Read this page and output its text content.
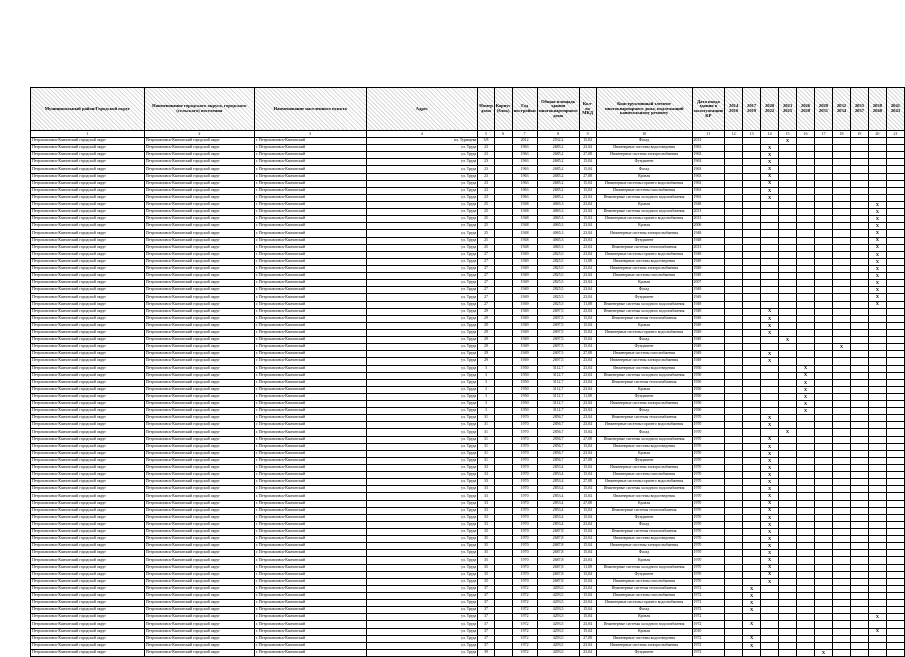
Муниципальный район/Городской округ	Наименование городского округа, городского (сельского) поселения	Наименование населенного пункта	Адрес	Номер дома	Корпус (блок)	Год постройки	Общая площадь здания многоквартирного дома	Кол-во МКД	Конструктивный элемент многоквартирного дома, подлежащий капитальному ремонту	Дата ввода здания в эксплуатацию КР	2014 2016	2017 2019	2020 2022	2023 2025	2026 2028	2029 2031	2032 2034	2035 2037	2038 2040	2041 2043
1	2	3	4	5	6	7	8	9	10	11	12	13	14	15	16	17	18	19	20	21
Петропавловск-Камчатский городской округ	Петропавловск-Камчатский городской округ	г. Петропавловск-Камчатский	пл. Турищева	3/8		2012	2532,2	15,04	Фасад	2012				X						
Петропавловск-Камчатский городской округ	Петропавловск-Камчатский городской округ	г. Петропавловск-Камчатский	ул. Труда	23		1963	2685,2	23,04	Инженерные системы водоотведения	1963			X							
Петропавловск-Камчатский городской округ	Петропавловск-Камчатский городской округ	г. Петропавловск-Камчатский	ул. Труда	23		1963	2685,2	27,08	Инженерные системы электроснабжения	1963			X							
Петропавловск-Камчатский городской округ	Петропавловск-Камчатский городской округ	г. Петропавловск-Камчатский	ул. Труда	23		1963	2685,2	15,04	Фундамент	1963			X							
Петропавловск-Камчатский городской округ	Петропавловск-Камчатский городской округ	г. Петропавловск-Камчатский	ул. Труда	23		1963	2685,2	15,04	Фасад	1963			X							
Петропавловск-Камчатский городской округ	Петропавловск-Камчатский городской округ	г. Петропавловск-Камчатский	ул. Труда	23		1963	2685,2	27,08	Кровля	1963			X							
Петропавловск-Камчатский городской округ	Петропавловск-Камчатский городской округ	г. Петропавловск-Камчатский	ул. Труда	23		1963	2685,2	15,04	Инженерные системы горячего водоснабжения	1963			X							
Петропавловск-Камчатский городской округ	Петропавловск-Камчатский городской округ	г. Петропавловск-Камчатский	ул. Труда	23		1963	2685,2	15,04	Инженерные системы газоснабжения	1963			X							
Петропавловск-Камчатский городской округ	Петропавловск-Камчатский городской округ	г. Петропавловск-Камчатский	ул. Труда	23		1963	2685,2	23,04	Инженерные системы холодного водоснабжения	1963			X							
Петропавловск-Камчатский городской округ	Петропавловск-Камчатский городской округ	г. Петропавловск-Камчатский	ул. Труда	25		1948	4065,3	23,04	Кровля	1948									X	
Петропавловск-Камчатский городской округ	Петропавловск-Камчатский городской округ	г. Петропавловск-Камчатский	ул. Труда	25		1948	4065,3	23,04	Инженерные системы холодного водоснабжения	2013									X	
Петропавловск-Камчатский городской округ	Петропавловск-Камчатский городской округ	г. Петропавловск-Камчатский	ул. Труда	25		1948	4065,3	15,04	Инженерные системы горячего водоснабжения	2013									X	
Петропавловск-Камчатский городской округ	Петропавловск-Камчатский городской округ	г. Петропавловск-Камчатский	ул. Труда	25		1948	4065,3	23,04	Кровля	2006									X	
Петропавловск-Камчатский городской округ	Петропавловск-Камчатский городской округ	г. Петропавловск-Камчатский	ул. Труда	25		1948	4065,3	23,04	Инженерные системы электроснабжения	1948									X	
Петропавловск-Камчатский городской округ	Петропавловск-Камчатский городской округ	г. Петропавловск-Камчатский	ул. Труда	25		1948	4065,3	23,04	Фундамент	1948									X	
Петропавловск-Камчатский городской округ	Петропавловск-Камчатский городской округ	г. Петропавловск-Камчатский	ул. Труда	25		1948	4065,3	23,04	Инженерные системы теплоснабжения	2013									X	
Петропавловск-Камчатский городской округ	Петропавловск-Камчатский городской округ	г. Петропавловск-Камчатский	ул. Труда	27		1949	2825,5	23,04	Инженерные системы горячего водоснабжения	1949									X	
Петропавловск-Камчатский городской округ	Петропавловск-Камчатский городской округ	г. Петропавловск-Камчатский	ул. Труда	27		1949	2825,5	11,08	Инженерные системы водоотведения	1949									X	
Петропавловск-Камчатский городской округ	Петропавловск-Камчатский городской округ	г. Петропавловск-Камчатский	ул. Труда	27		1949	2825,5	23,04	Инженерные системы электроснабжения	1949									X	
Петропавловск-Камчатский городской округ	Петропавловск-Камчатский городской округ	г. Петропавловск-Камчатский	ул. Труда	27		1949	2825,5	23,04	Инженерные системы газоснабжения	1949									X	
Петропавловск-Камчатский городской округ	Петропавловск-Камчатский городской округ	г. Петропавловск-Камчатский	ул. Труда	27		1949	2825,5	23,04	Кровля	2007									X	
Петропавловск-Камчатский городской округ	Петропавловск-Камчатский городской округ	г. Петропавловск-Камчатский	ул. Труда	27		1949	2825,5	23,04	Фасад	1949									X	
Петропавловск-Камчатский городской округ	Петропавловск-Камчатский городской округ	г. Петропавловск-Камчатский	ул. Труда	27		1949	2825,5	23,04	Фундамент	1949									X	
Петропавловск-Камчатский городской округ	Петропавловск-Камчатский городской округ	г. Петропавловск-Камчатский	ул. Труда	27		1949	2825,5	11,08	Инженерные системы холодного водоснабжения	1949									X	
Петропавловск-Камчатский городской округ	Петропавловск-Камчатский городской округ	г. Петропавловск-Камчатский	ул. Труда	29		1949	2697,5	23,04	Инженерные системы холодного водоснабжения	1949			X							
Петропавловск-Камчатский городской округ	Петропавловск-Камчатский городской округ	г. Петропавловск-Камчатский	ул. Труда	29		1949	2697,5	15,04	Инженерные системы теплоснабжения	1949			X							
Петропавловск-Камчатский городской округ	Петропавловск-Камчатский городской округ	г. Петропавловск-Камчатский	ул. Труда	29		1949	2697,5	15,04	Кровля	1949			X							
Петропавловск-Камчатский городской округ	Петропавловск-Камчатский городской округ	г. Петропавловск-Камчатский	ул. Труда	29		1949	2697,5	15,04	Инженерные системы горячего водоснабжения	1949			X							
Петропавловск-Камчатский городской округ	Петропавловск-Камчатский городской округ	г. Петропавловск-Камчатский	ул. Труда	29		1949	2697,5	15,04	Фасад	1949				X						
Петропавловск-Камчатский городской округ	Петропавловск-Камчатский городской округ	г. Петропавловск-Камчатский	ул. Труда	29		1949	2697,5	15,04	Фундамент	1949							X			
Петропавловск-Камчатский городской округ	Петропавловск-Камчатский городской округ	г. Петропавловск-Камчатский	ул. Труда	29		1949	2697,5	27,08	Инженерные системы газоснабжения	1949			X							
Петропавловск-Камчатский городской округ	Петропавловск-Камчатский городской округ	г. Петропавловск-Камчатский	ул. Труда	29		1949	2697,5	23,04	Инженерные системы электроснабжения	1949			X							
Петропавловск-Камчатский городской округ	Петропавловск-Камчатский городской округ	г. Петропавловск-Камчатский	ул. Труда	3		1950	3112,7	23,04	Инженерные системы водоотведения	1950					X					
Петропавловск-Камчатский городской округ	Петропавловск-Камчатский городской округ	г. Петропавловск-Камчатский	ул. Труда	3		1950	3112,7	23,04	Инженерные системы холодного водоснабжения	1950					X					
Петропавловск-Камчатский городской округ	Петропавловск-Камчатский городской округ	г. Петропавловск-Камчатский	ул. Труда	3		1950	3112,7	23,04	Инженерные системы теплоснабжения	1950					X					
Петропавловск-Камчатский городской округ	Петропавловск-Камчатский городской округ	г. Петропавловск-Камчатский	ул. Труда	3		1950	3112,7	23,04	Кровля	1950					X					
Петропавловск-Камчатский городской округ	Петропавловск-Камчатский городской округ	г. Петропавловск-Камчатский	ул. Труда	3		1950	3112,7	11,08	Фундамент	1950					X					
Петропавловск-Камчатский городской округ	Петропавловск-Камчатский городской округ	г. Петропавловск-Камчатский	ул. Труда	3		1950	3112,7	23,04	Инженерные системы электроснабжения	1950					X					
Петропавловск-Камчатский городской округ	Петропавловск-Камчатский городской округ	г. Петропавловск-Камчатский	ул. Труда	3		1950	3112,7	23,04	Фасад	1950					X					
Петропавловск-Камчатский городской округ	Петропавловск-Камчатский городской округ	г. Петропавловск-Камчатский	ул. Труда	31		1970	2856,7	23,04	Инженерные системы теплоснабжения	1970			X							
Петропавловск-Камчатский городской округ	Петропавловск-Камчатский городской округ	г. Петропавловск-Камчатский	ул. Труда	31		1970	2856,7	23,04	Инженерные системы горячего водоснабжения	1970			X							
Петропавловск-Камчатский городской округ	Петропавловск-Камчатский городской округ	г. Петропавловск-Камчатский	ул. Труда	31		1970	2856,7	15,04	Фасад	1970				X						
Петропавловск-Камчатский городской округ	Петропавловск-Камчатский городской округ	г. Петропавловск-Камчатский	ул. Труда	31		1970	2856,7	27,08	Инженерные системы холодного водоснабжения	1970			X							
Петропавловск-Камчатский городской округ	Петропавловск-Камчатский городской округ	г. Петропавловск-Камчатский	ул. Труда	31		1970	2856,7	15,04	Инженерные системы водоотведения	1970			X							
Петропавловск-Камчатский городской округ	Петропавловск-Камчатский городской округ	г. Петропавловск-Камчатский	ул. Труда	31		1970	2856,7	23,04	Кровля	1970			X							
Петропавловск-Камчатский городской округ	Петропавловск-Камчатский городской округ	г. Петропавловск-Камчатский	ул. Труда	31		1970	2856,7	27,08	Фундамент	1970			X							
Петропавловск-Камчатский городской округ	Петропавловск-Камчатский городской округ	г. Петропавловск-Камчатский	ул. Труда	33		1970	2853,4	15,04	Инженерные системы электроснабжения	1970			X							
Петропавловск-Камчатский городской округ	Петропавловск-Камчатский городской округ	г. Петропавловск-Камчатский	ул. Труда	33		1970	2853,4	15,04	Инженерные системы газоснабжения	1970			X							
Петропавловск-Камчатский городской округ	Петропавловск-Камчатский городской округ	г. Петропавловск-Камчатский	ул. Труда	33		1970	2853,4	27,08	Инженерные системы горячего водоснабжения	1970			X							
Петропавловск-Камчатский городской округ	Петропавловск-Камчатский городской округ	г. Петропавловск-Камчатский	ул. Труда	33		1970	2853,4	15,04	Инженерные системы холодного водоснабжения	1970			X							
Петропавловск-Камчатский городской округ	Петропавловск-Камчатский городской округ	г. Петропавловск-Камчатский	ул. Труда	33		1970	2853,4	15,04	Инженерные системы водоотведения	1970			X							
Петропавловск-Камчатский городской округ	Петропавловск-Камчатский городской округ	г. Петропавловск-Камчатский	ул. Труда	33		1970	2853,4	27,08	Кровля	1970			X							
Петропавловск-Камчатский городской округ	Петропавловск-Камчатский городской округ	г. Петропавловск-Камчатский	ул. Труда	33		1970	2853,4	15,04	Инженерные системы теплоснабжения	1970			X							
Петропавловск-Камчатский городской округ	Петропавловск-Камчатский городской округ	г. Петропавловск-Камчатский	ул. Труда	33		1970	2853,4	15,04	Фундамент	1970			X							
Петропавловск-Камчатский городской округ	Петропавловск-Камчатский городской округ	г. Петропавловск-Камчатский	ул. Труда	33		1970	2853,4	23,04	Фасад	1970			X							
Петропавловск-Камчатский городской округ	Петропавловск-Камчатский городской округ	г. Петропавловск-Камчатский	ул. Труда	35		1970	2687,8	15,04	Инженерные системы теплоснабжения	1970			X							
Петропавловск-Камчатский городской округ	Петропавловск-Камчатский городской округ	г. Петропавловск-Камчатский	ул. Труда	35		1970	2687,8	23,04	Инженерные системы водоотведения	1970			X							
Петропавловск-Камчатский городской округ	Петропавловск-Камчатский городской округ	г. Петропавловск-Камчатский	ул. Труда	35		1970	2687,8	15,04	Инженерные системы электроснабжения	1970			X							
Петропавловск-Камчатский городской округ	Петропавловск-Камчатский городской округ	г. Петропавловск-Камчатский	ул. Труда	35		1970	2687,8	15,04	Фасад	1970			X							
Петропавловск-Камчатский городской округ	Петропавловск-Камчатский городской округ	г. Петропавловск-Камчатский	ул. Труда	35		1970	2687,8	23,04	Кровля	1970			X							
Петропавловск-Камчатский городской округ	Петропавловск-Камчатский городской округ	г. Петропавловск-Камчатский	ул. Труда	35		1970	2687,8	11,08	Инженерные системы холодного водоснабжения	1970			X							
Петропавловск-Камчатский городской округ	Петропавловск-Камчатский городской округ	г. Петропавловск-Камчатский	ул. Труда	35		1970	2687,8	15,04	Фундамент	1970			X							
Петропавловск-Камчатский городской округ	Петропавловск-Камчатский городской округ	г. Петропавловск-Камчатский	ул. Труда	35		1970	2687,8	15,04	Инженерные системы газоснабжения	1970			X							
Петропавловск-Камчатский городской округ	Петропавловск-Камчатский городской округ	г. Петропавловск-Камчатский	ул. Труда	37		1972	4293,5	23,04	Инженерные системы теплоснабжения	1972		X								
Петропавловск-Камчатский городской округ	Петропавловск-Камчатский городской округ	г. Петропавловск-Камчатский	ул. Труда	37		1972	4293,5	15,04	Инженерные системы газоснабжения	1972		X								
Петропавловск-Камчатский городской округ	Петропавловск-Камчатский городской округ	г. Петропавловск-Камчатский	ул. Труда	37		1972	4293,5	23,04	Инженерные системы горячего водоснабжения	1972		X								
Петропавловск-Камчатский городской округ	Петропавловск-Камчатский городской округ	г. Петропавловск-Камчатский	ул. Труда	37		1972	4293,5	15,04	Фасад	1972		X								
Петропавловск-Камчатский городской округ	Петропавловск-Камчатский городской округ	г. Петропавловск-Камчатский	ул. Труда	37		1972	4293,5	15,04	Кровля	1972									X	
Петропавловск-Камчатский городской округ	Петропавловск-Камчатский городской округ	г. Петропавловск-Камчатский	ул. Труда	37		1972	4293,5	23,04	Инженерные системы холодного водоснабжения	1972		X								
Петропавловск-Камчатский городской округ	Петропавловск-Камчатский городской округ	г. Петропавловск-Камчатский	ул. Труда	37		1972	4293,5	15,04	Кровля	2010									X	
Петропавловск-Камчатский городской округ	Петропавловск-Камчатский городской округ	г. Петропавловск-Камчатский	ул. Труда	37		1972	4293,5	27,08	Инженерные системы водоотведения	1972		X								
Петропавловск-Камчатский городской округ	Петропавловск-Камчатский городской округ	г. Петропавловск-Камчатский	ул. Труда	37		1972	4293,5	23,04	Инженерные системы электроснабжения	1972		X								
Петропавловск-Камчатский городской округ	Петропавловск-Камчатский городской округ	г. Петропавловск-Камчатский	ул. Труда	39		1972	4293,5	23,04	Фундамент	1972						X				
